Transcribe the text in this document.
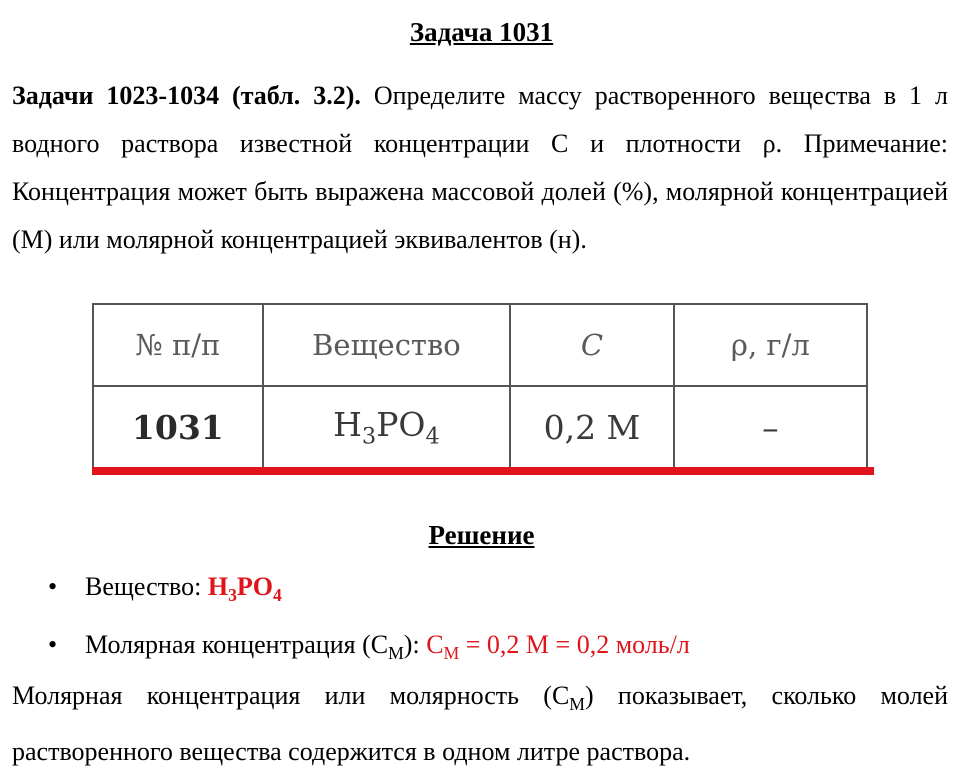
Задача 1031
Задачи 1023-1034 (табл. 3.2). Определите массу растворенного вещества в 1 л водного раствора известной концентрации С и плотности ρ. Примечание: Концентрация может быть выражена массовой долей (%), молярной концентрацией (М) или молярной концентрацией эквивалентов (н).
№ п/п	Вещество	C	ρ, г/л
1031	$H_3PO_4$	0,2 M	–
Решение
• Вещество: $H_3PO_4$
• Молярная концентрация $(C_M)$: $C_M = 0,2$ M = 0,2 моль/л
Молярная концентрация или молярность $(C_M)$ показывает, сколько молей растворенного вещества содержится в одном литре раствора.
